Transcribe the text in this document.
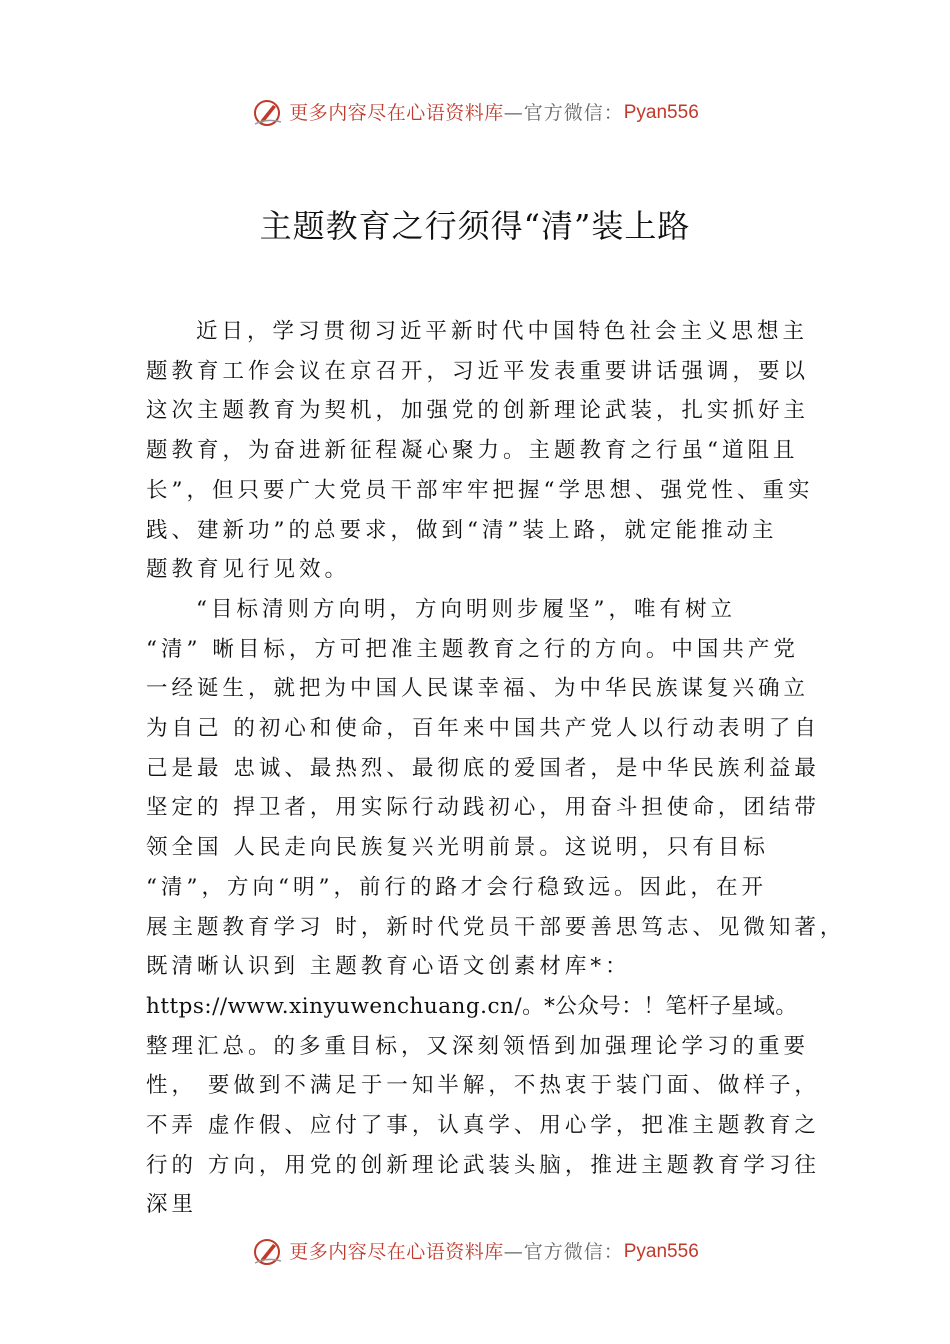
更多内容尽在心语资料库—官方微信：Pyan556
主题教育之行须得“清”装上路
近日，学习贯彻习近平新时代中国特色社会主义思想主
题教育工作会议在京召开，习近平发表重要讲话强调，要以
这次主题教育为契机，加强党的创新理论武装，扎实抓好主
题教育，为奋进新征程凝心聚力。主题教育之行虽“道阻且
长”，但只要广大党员干部牢牢把握“学思想、强党性、重实
践、建新功”的总要求，做到“清”装上路，就定能推动主
题教育见行见效。
“目标清则方向明，方向明则步履坚”，唯有树立
“清” 晰目标，方可把准主题教育之行的方向。中国共产党
一经诞生，就把为中国人民谋幸福、为中华民族谋复兴确立
为自己 的初心和使命，百年来中国共产党人以行动表明了自
己是最 忠诚、最热烈、最彻底的爱国者，是中华民族利益最
坚定的 捍卫者，用实际行动践初心，用奋斗担使命，团结带
领全国 人民走向民族复兴光明前景。这说明，只有目标
“清”，方向“明”，前行的路才会行稳致远。因此，在开
展主题教育学习 时，新时代党员干部要善思笃志、见微知著，
既清晰认识到 主题教育心语文创素材库*：
https://www.xinyuwenchuang.cn/。*公众号：！笔杆子星域。
整理汇总。的多重目标，又深刻领悟到加强理论学习的重要
性， 要做到不满足于一知半解，不热衷于装门面、做样子，
不弄 虚作假、应付了事，认真学、用心学，把准主题教育之
行的 方向，用党的创新理论武装头脑，推进主题教育学习往
深里
更多内容尽在心语资料库—官方微信：Pyan556
